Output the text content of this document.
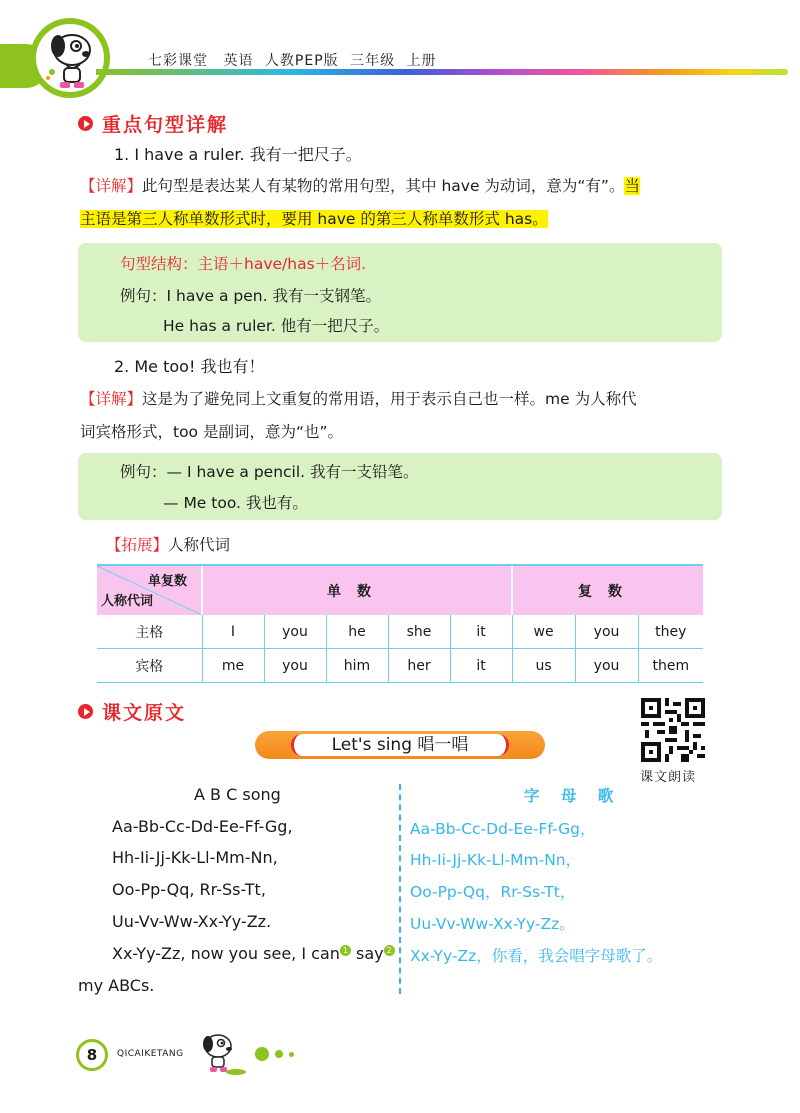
七彩课堂 英语 人教PEP版 三年级 上册
重点句型详解
1. I have a ruler. 我有一把尺子。
【详解】此句型是表达某人有某物的常用句型，其中 have 为动词，意为“有”。当
主语是第三人称单数形式时，要用 have 的第三人称单数形式 has。
句型结构：主语＋have/has＋名词.
例句：I have a pen. 我有一支钢笔。
He has a ruler. 他有一把尺子。
2. Me too! 我也有！
【详解】这是为了避免同上文重复的常用语，用于表示自己也一样。me 为人称代
词宾格形式，too 是副词，意为“也”。
例句：— I have a pencil. 我有一支铅笔。
— Me too. 我也有。
【拓展】人称代词
单复数
人称代词	单数					复数		
主格	I	you	he	she	it	we	you	they
宾格	me	you	him	her	it	us	you	them
课文原文
课文朗读
Let's sing 唱一唱
A B C song	字 母 歌
Aa-Bb-Cc-Dd-Ee-Ff-Gg,
Hh-Ii-Jj-Kk-Ll-Mm-Nn,
Oo-Pp-Qq, Rr-Ss-Tt,
Uu-Vv-Ww-Xx-Yy-Zz.
Xx-Yy-Zz, now you see, I can 1 say 2
my ABCs.
Aa-Bb-Cc-Dd-Ee-Ff-Gg，
Hh-Ii-Jj-Kk-Ll-Mm-Nn，
Oo-Pp-Qq，Rr-Ss-Tt，
Uu-Vv-Ww-Xx-Yy-Zz。
Xx-Yy-Zz，你看，我会唱字母歌了。
8	QICAIKETANG
